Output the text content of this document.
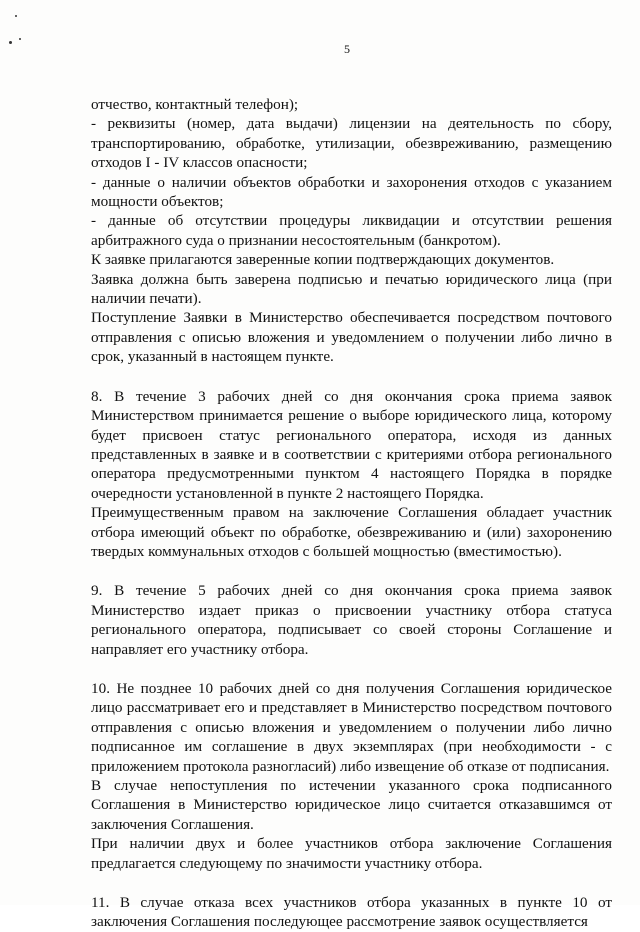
5

отчество, контактный телефон);

- реквизиты (номер, дата выдачи) лицензии на деятельность по сбору, транспортированию, обработке, утилизации, обезвреживанию, размещению отходов I - IV классов опасности;

- данные о наличии объектов обработки и захоронения отходов с указанием мощности объектов;

- данные об отсутствии процедуры ликвидации и отсутствии решения арбитражного суда о признании несостоятельным (банкротом).

К заявке прилагаются заверенные копии подтверждающих документов.

Заявка должна быть заверена подписью и печатью юридического лица (при наличии печати).

Поступление Заявки в Министерство обеспечивается посредством почтового отправления с описью вложения и уведомлением о получении либо лично в срок, указанный в настоящем пункте.

8. В течение 3 рабочих дней со дня окончания срока приема заявок Министерством принимается решение о выборе юридического лица, которому будет присвоен статус регионального оператора, исходя из данных представленных в заявке и в соответствии с критериями отбора регионального оператора предусмотренными пунктом 4 настоящего Порядка в порядке очередности установленной в пункте 2 настоящего Порядка.

Преимущественным правом на заключение Соглашения обладает участник отбора имеющий объект по обработке, обезвреживанию и (или) захоронению твердых коммунальных отходов с большей мощностью (вместимостью).

9. В течение 5 рабочих дней со дня окончания срока приема заявок Министерство издает приказ о присвоении участнику отбора статуса регионального оператора, подписывает со своей стороны Соглашение и направляет его участнику отбора.

10. Не позднее 10 рабочих дней со дня получения Соглашения юридическое лицо рассматривает его и представляет в Министерство посредством почтового отправления с описью вложения и уведомлением о получении либо лично подписанное им соглашение в двух экземплярах (при необходимости - с приложением протокола разногласий) либо извещение об отказе от подписания.

В случае непоступления по истечении указанного срока подписанного Соглашения в Министерство юридическое лицо считается отказавшимся от заключения Соглашения.

При наличии двух и более участников отбора заключение Соглашения предлагается следующему по значимости участнику отбора.

11. В случае отказа всех участников отбора указанных в пункте 10 от заключения Соглашения последующее рассмотрение заявок осуществляется
